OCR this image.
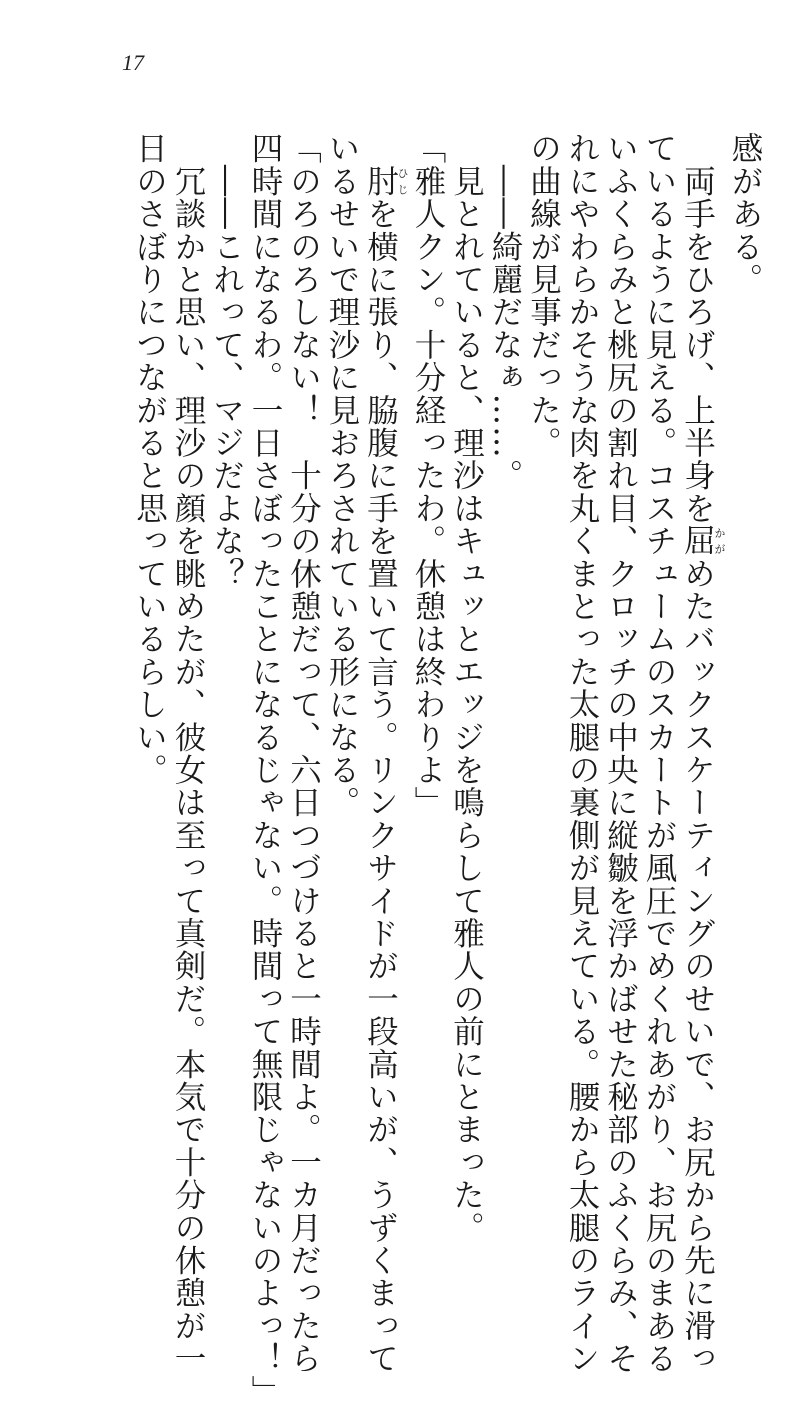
17
感がある。
　両手をひろげ、上半身を屈かがめたバックスケーティングのせいで、お尻から先に滑っ
ているように見える。コスチュームのスカートが風圧でめくれあがり、お尻のまある
いふくらみと桃尻の割れ目、クロッチの中央に縦皺を浮かばせた秘部のふくらみ、そ
れにやわらかそうな肉を丸くまとった太腿の裏側が見えている。腰から太腿のライン
の曲線が見事だった。
　――綺麗だなぁ……。
　見とれていると、理沙はキュッとエッジを鳴らして雅人の前にとまった。
「雅人クン。十分経ったわ。休憩は終わりよ」
　肘ひじを横に張り、脇腹に手を置いて言う。リンクサイドが一段高いが、うずくまって
いるせいで理沙に見おろされている形になる。
「のろのろしない！　十分の休憩だって、六日つづけると一時間よ。一カ月だったら
四時間になるわ。一日さぼったことになるじゃない。時間って無限じゃないのよっ！」
　――これって、マジだよな？
　冗談かと思い、理沙の顔を眺めたが、彼女は至って真剣だ。本気で十分の休憩が一
日のさぼりにつながると思っているらしい。
